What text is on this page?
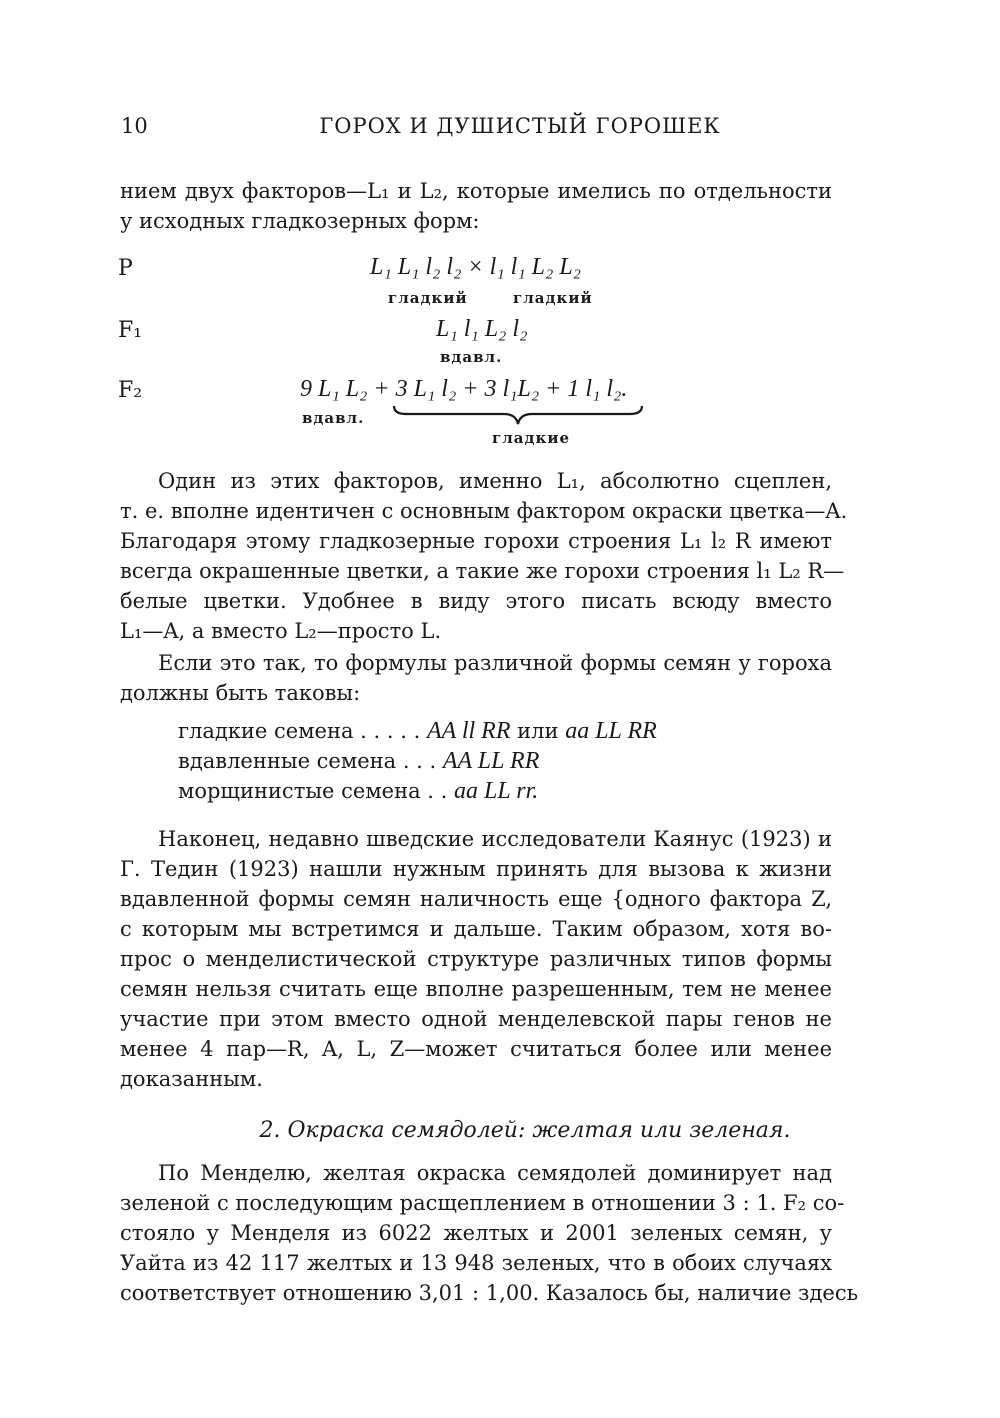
10	ГОРОХ И ДУШИСТЫЙ ГОРОШЕК
нием двух факторов—L₁ и L₂, которые имелись по отдельности
у исходных гладкозерных форм:
P	L₁ L₁ l₂ l₂ × l₁ l₁ L₂ L₂
гладкий	гладкий
F₁	L₁ l₁ L₂ l₂
вдавл.
F₂	9 L₁ L₂ + 3 L₁ l₂ + 3 l₁L₂ + 1 l₁ l₂.
вдавл.
гладкие
Один из этих факторов, именно L₁, абсолютно сцеплен,
т. е. вполне идентичен с основным фактором окраски цветка—A.
Благодаря этому гладкозерные горохи строения L₁ l₂ R имеют
всегда окрашенные цветки, а такие же горохи строения l₁ L₂ R—
белые цветки. Удобнее в виду этого писать всюду вместо
L₁—A, а вместо L₂—просто L.
Если это так, то формулы различной формы семян у гороха
должны быть таковы:
гладкие семена . . . . . AA ll RR или aa LL RR
вдавленные семена . . . AA LL RR
морщинистые семена . . aa LL rr.
Наконец, недавно шведские исследователи Каянус (1923) и
Г. Тедин (1923) нашли нужным принять для вызова к жизни
вдавленной формы семян наличность еще {одного фактора Z,
с которым мы встретимся и дальше. Таким образом, хотя во-
прос о менделистической структуре различных типов формы
семян нельзя считать еще вполне разрешенным, тем не менее
участие при этом вместо одной менделевской пары генов не
менее 4 пар—R, A, L, Z—может считаться более или менее
доказанным.
2. Окраска семядолей: желтая или зеленая.
По Менделю, желтая окраска семядолей доминирует над
зеленой с последующим расщеплением в отношении 3 : 1. F₂ со-
стояло у Менделя из 6022 желтых и 2001 зеленых семян, у
Уайта из 42 117 желтых и 13 948 зеленых, что в обоих случаях
соответствует отношению 3,01 : 1,00. Казалось бы, наличие здесь
